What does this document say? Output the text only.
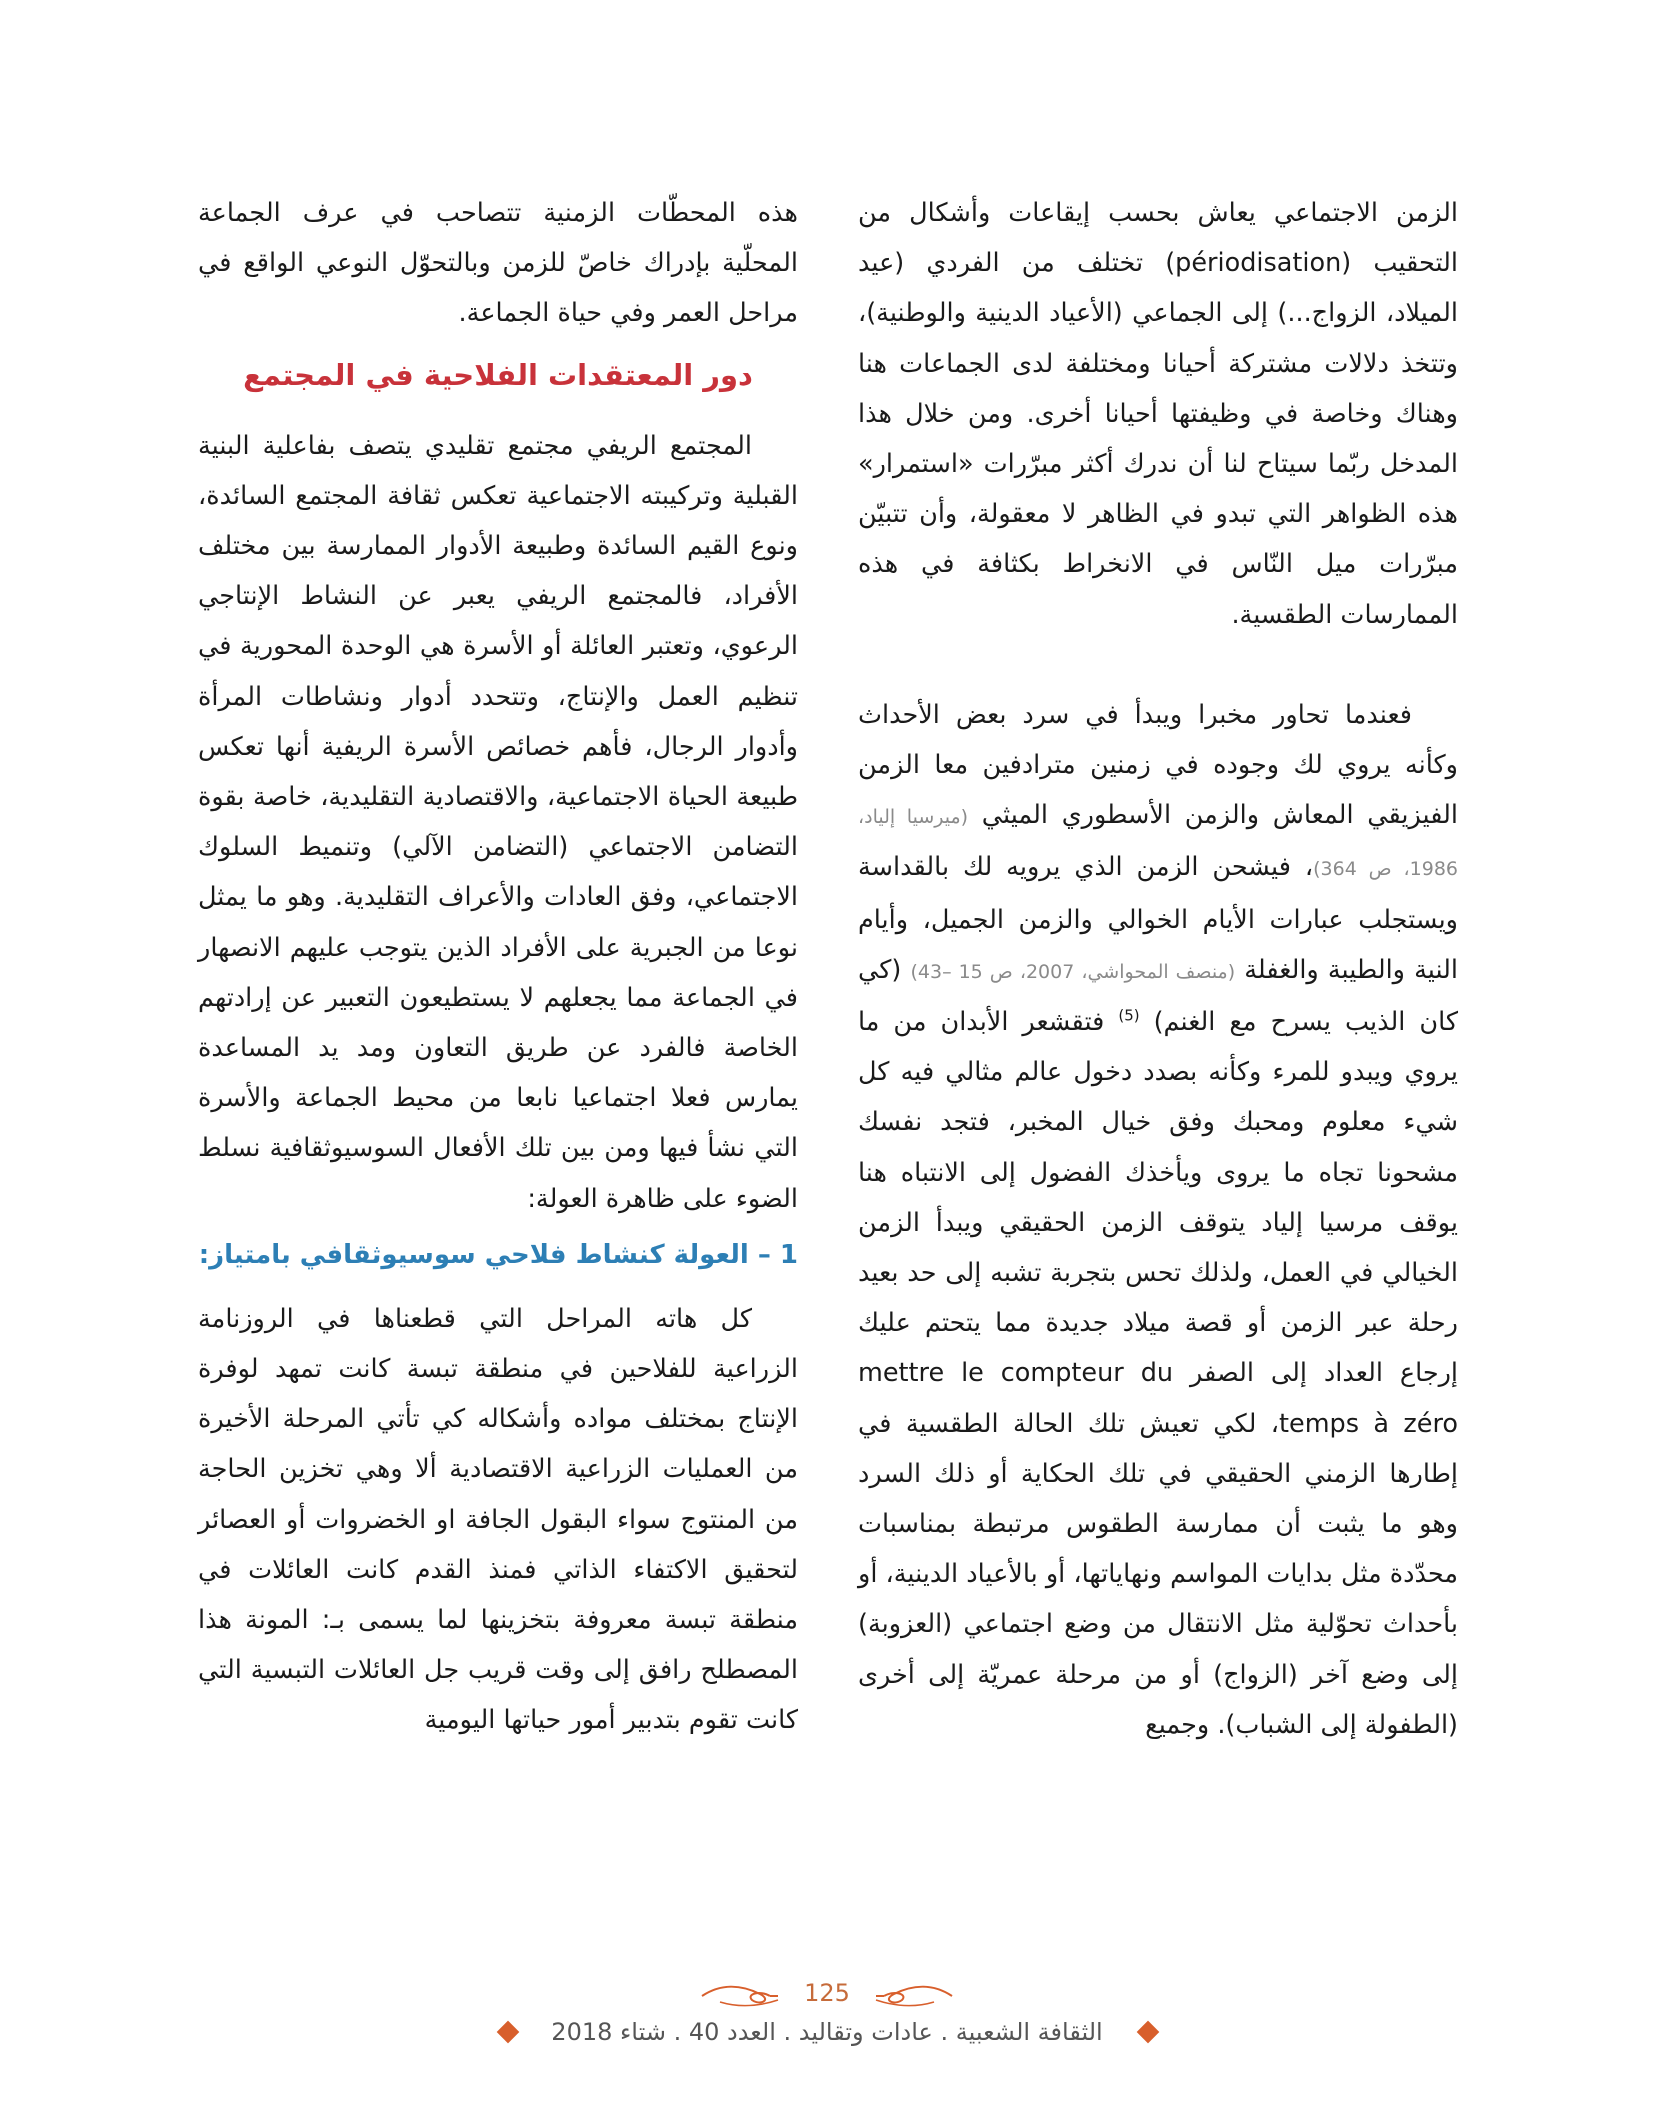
الزمن الاجتماعي يعاش بحسب إيقاعات وأشكال من التحقيب (périodisation) تختلف من الفردي (عيد الميلاد، الزواج...) إلى الجماعي (الأعياد الدينية والوطنية)، وتتخذ دلالات مشتركة أحيانا ومختلفة لدى الجماعات هنا وهناك وخاصة في وظيفتها أحيانا أخرى. ومن خلال هذا المدخل ربّما سيتاح لنا أن ندرك أكثر مبرّرات «استمرار» هذه الظواهر التي تبدو في الظاهر لا معقولة، وأن تتبيّن مبرّرات ميل النّاس في الانخراط بكثافة في هذه الممارسات الطقسية.

فعندما تحاور مخبرا ويبدأ في سرد بعض الأحداث وكأنه يروي لك وجوده في زمنين مترادفين معا الزمن الفيزيقي المعاش والزمن الأسطوري الميثي (ميرسيا إلياد، 1986، ص 364)، فيشحن الزمن الذي يرويه لك بالقداسة ويستجلب عبارات الأيام الخوالي والزمن الجميل، وأيام النية والطيبة والغفلة (منصف المحواشي، 2007، ص 15 –43) (كي كان الذيب يسرح مع الغنم) $^{(5)}$ فتقشعر الأبدان من ما يروي ويبدو للمرء وكأنه بصدد دخول عالم مثالي فيه كل شيء معلوم ومحبك وفق خيال المخبر، فتجد نفسك مشحونا تجاه ما يروى ويأخذك الفضول إلى الانتباه هنا يوقف مرسيا إلياد يتوقف الزمن الحقيقي ويبدأ الزمن الخيالي في العمل، ولذلك تحس بتجربة تشبه إلى حد بعيد رحلة عبر الزمن أو قصة ميلاد جديدة مما يتحتم عليك إرجاع العداد إلى الصفر mettre le compteur du temps à zéro، لكي تعيش تلك الحالة الطقسية في إطارها الزمني الحقيقي في تلك الحكاية أو ذلك السرد وهو ما يثبت أن ممارسة الطقوس مرتبطة بمناسبات محدّدة مثل بدايات المواسم ونهاياتها، أو بالأعياد الدينية، أو بأحداث تحوّلية مثل الانتقال من وضع اجتماعي (العزوبة) إلى وضع آخر (الزواج) أو من مرحلة عمريّة إلى أخرى (الطفولة إلى الشباب). وجميع

هذه المحطّات الزمنية تتصاحب في عرف الجماعة المحلّية بإدراك خاصّ للزمن وبالتحوّل النوعي الواقع في مراحل العمر وفي حياة الجماعة.

دور المعتقدات الفلاحية في المجتمع

المجتمع الريفي مجتمع تقليدي يتصف بفاعلية البنية القبلية وتركيبته الاجتماعية تعكس ثقافة المجتمع السائدة، ونوع القيم السائدة وطبيعة الأدوار الممارسة بين مختلف الأفراد، فالمجتمع الريفي يعبر عن النشاط الإنتاجي الرعوي، وتعتبر العائلة أو الأسرة هي الوحدة المحورية في تنظيم العمل والإنتاج، وتتحدد أدوار ونشاطات المرأة وأدوار الرجال، فأهم خصائص الأسرة الريفية أنها تعكس طبيعة الحياة الاجتماعية، والاقتصادية التقليدية، خاصة بقوة التضامن الاجتماعي (التضامن الآلي) وتنميط السلوك الاجتماعي، وفق العادات والأعراف التقليدية. وهو ما يمثل نوعا من الجبرية على الأفراد الذين يتوجب عليهم الانصهار في الجماعة مما يجعلهم لا يستطيعون التعبير عن إرادتهم الخاصة فالفرد عن طريق التعاون ومد يد المساعدة يمارس فعلا اجتماعيا نابعا من محيط الجماعة والأسرة التي نشأ فيها ومن بين تلك الأفعال السوسيوثقافية نسلط الضوء على ظاهرة العولة:

1 – العولة كنشاط فلاحي سوسيوثقافي بامتياز:

كل هاته المراحل التي قطعناها في الروزنامة الزراعية للفلاحين في منطقة تبسة كانت تمهد لوفرة الإنتاج بمختلف مواده وأشكاله كي تأتي المرحلة الأخيرة من العمليات الزراعية الاقتصادية ألا وهي تخزين الحاجة من المنتوج سواء البقول الجافة او الخضروات أو العصائر لتحقيق الاكتفاء الذاتي فمنذ القدم كانت العائلات في منطقة تبسة معروفة بتخزينها لما يسمى بـ: المونة هذا المصطلح رافق إلى وقت قريب جل العائلات التبسية التي كانت تقوم بتدبير أمور حياتها اليومية

125
الثقافة الشعبية . عادات وتقاليد . العدد 40 . شتاء 2018
